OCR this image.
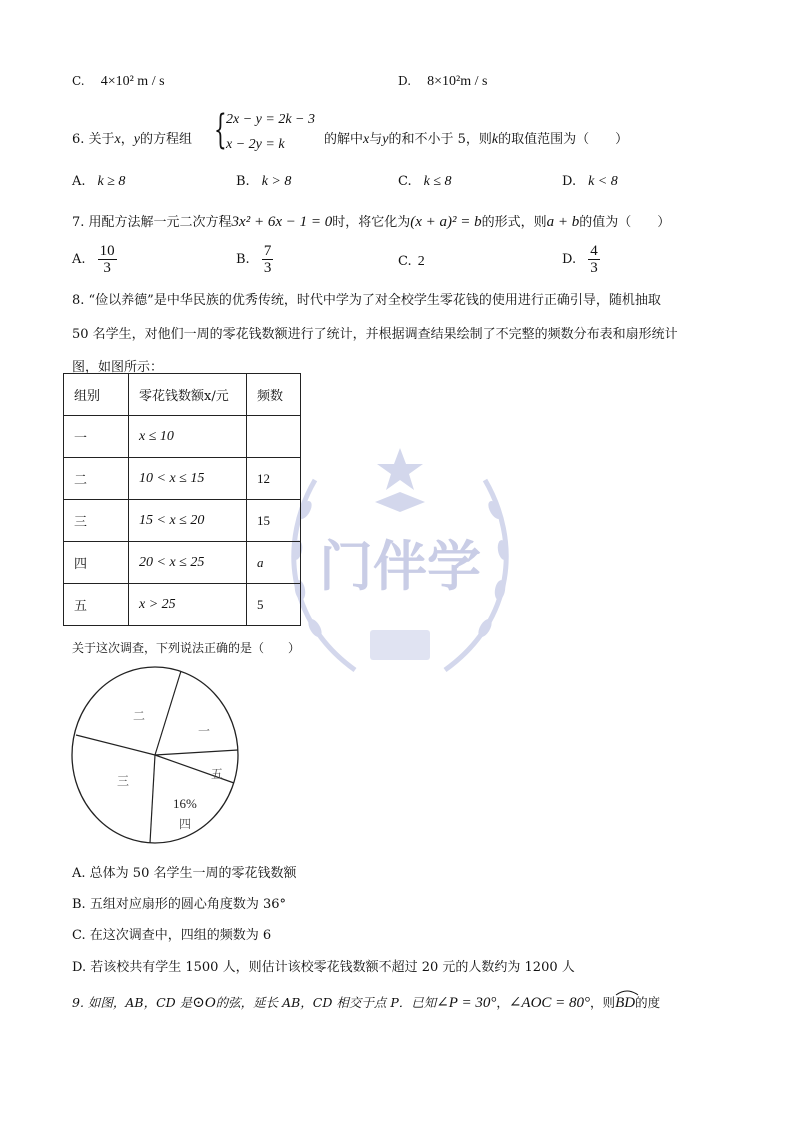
门伴学
C. 4×10² m / s	D. 8×10²m / s
6. 关于x，y的方程组 { 2x − y = 2k − 3
x − 2y = k	的解中x与y的和不小于 5，则k的取值范围为（　　）
A. k ≥ 8	B. k > 8	C. k ≤ 8	D. k < 8
7. 用配方法解一元二次方程3x² + 6x − 1 = 0时，将它化为(x + a)² = b的形式，则a + b的值为（　　）
A. $\frac{10}{3}$	B. $\frac{7}{3}$	C. 2	D. $\frac{4}{3}$
8. “俭以养德”是中华民族的优秀传统，时代中学为了对全校学生零花钱的使用进行正确引导，随机抽取
50 名学生，对他们一周的零花钱数额进行了统计，并根据调查结果绘制了不完整的频数分布表和扇形统计
图，如图所示：
组别	零花钱数额x/元	频数
一	x ≤ 10	
二	10 < x ≤ 15	12
三	15 < x ≤ 20	15
四	20 < x ≤ 25	a
五	x > 25	5
关于这次调查，下列说法正确的是（　　）
二
一
三	五
16%
四
A. 总体为 50 名学生一周的零花钱数额
B. 五组对应扇形的圆心角度数为 36°
C. 在这次调查中，四组的频数为 6
D. 若该校共有学生 1500 人，则估计该校零花钱数额不超过 20 元的人数约为 1200 人
9. 如图，AB，CD 是⊙O的弦，延长 AB，CD 相交于点 P．已知∠P = 30°，∠AOC = 80°，则
BD的度
